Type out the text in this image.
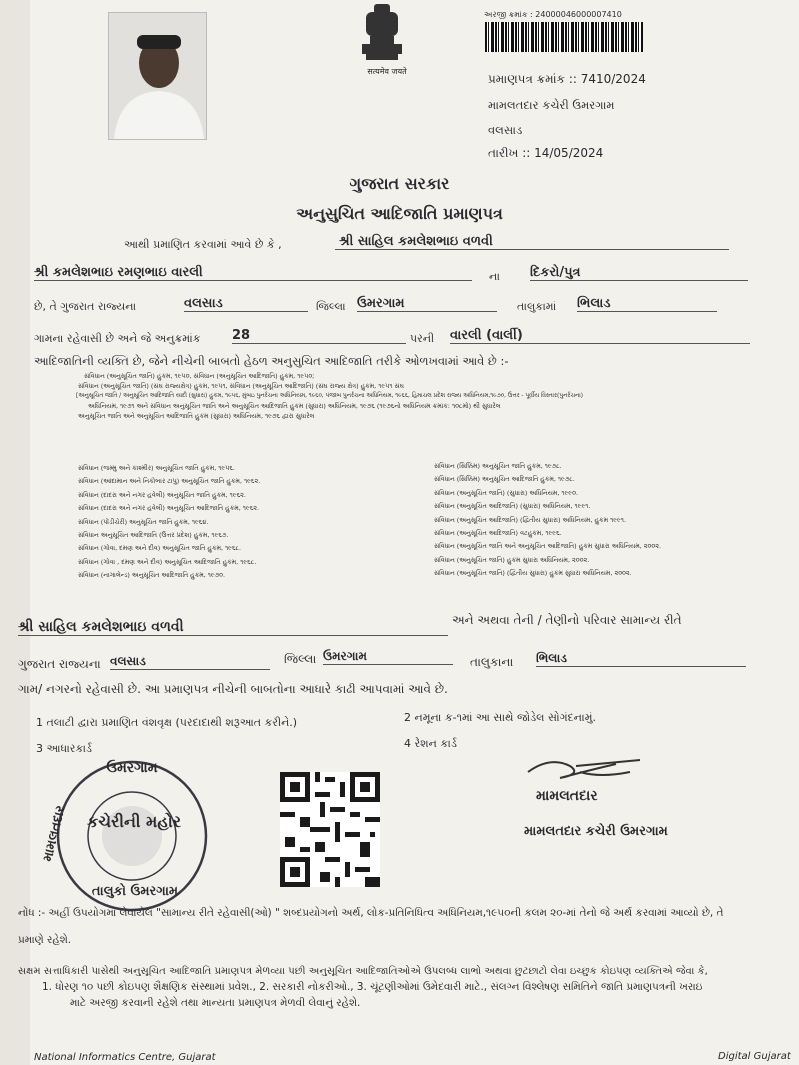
सत्यमेव जयते
અરજી ક્રમાંક : 24000046000007410
પ્રમાણપત્ર ક્રમાંક :: 7410/2024
મામલતદાર કચેરી ઉમરગામ
વલસાડ
તારીખ :: 14/05/2024
ગુજરાત સરકાર
અનુસુચિત આદિજાતિ પ્રમાણપત્ર
આથી પ્રમાણિત કરવામાં આવે છે કે ,	શ્રી સાહિલ કમલેશભાઇ વળવી
શ્રી કમલેશભાઇ રમણભાઇ વારલી	ના દિકરો/પુત્ર
છે, તે ગુજરાત રાજ્યના	વલસાડ	જિલ્લા ઉમરગામ	તાલુકામાં ભિલાડ
ગામના રહેવાસી છે અને જે અનુક્રમાંક 28	પરની વારલી (વાર્લી)
આદિજાતિની વ્યક્તિ છે, જેને નીચેની બાબતો હેઠળ અનુસુચિત આદિજાતિ તરીકે ઓળખવામાં આવે છે :-
સંવિધાન (અનુસૂચિત જાતિ) હુકમ, ૧૯૫૦, સંવિધાન (અનુસૂચિત આદિજાતિ) હુકમ, ૧૯૫૦;
સંવિધાન (અનુસૂચિત જાતિ) (સંઘ રાજ્યક્ષેત્ર) હુકમ, ૧૯૫૧, સંવિધાન (અનુસૂચિત આદિજાતિ) (સંઘ રાજ્ય ક્ષેત્ર) હુકમ, ૧૯૫૧ સંઘ
[અનુસૂચિત જાતિ / અનુસૂચિત આદિજાતિ યાદી (સુધારા) હુકમ, ૧૯૫૬, મુંબઇ પુનર્રચના અધિનિયમ, ૧૯૬૦, પંજાબ પુનર્રચના અધિનિયમ, ૧૯૬૬, હિમાચલ પ્રદેશ રાજ્ય અધિનિયમ,૧૯૭૦, ઉત્તર - પૂર્વીય વિસ્તાર(પુનર્રચના)
અધિનિયમ, ૧૯૭૧ અને સંવિધાન અનુસૂચિત જાતિ અને અનુસૂચિત આદિજાતિ હુકમ (સુધારા) અધિનિયમ, ૧૯૭૬ (૧૯૭૬નો અધિનિયમ ક્રમાંક: ૧૦૮મો) થી સુધારેલ
અનુસૂચિત જાતિ અને અનુસૂચિત આદિજાતિ હુકમ (સુધારા) અધિનિયમ, ૧૯૭૬ દ્વારા સુધારેલ
સંવિધાન (જમ્મુ અને કાશ્મીર) અનુસૂચિત જાતિ હુકમ, ૧૯૫૬.
સંવિધાન (આંદામાન અને નિકોબાર ટાપુ) અનુસૂચિત જાતિ હુકમ, ૧૯૬૨.
સંવિધાન (દાદરા અને નગર હવેલી) અનુસૂચિત જાતિ હુકમ, ૧૯૬૨.
સંવિધાન (દાદરા અને નગર હવેલી) અનુસૂચિત આદિજાતિ હુકમ, ૧૯૬૨.
સંવિધાન (પોંડીચેરી) અનુસૂચિત જાતિ હુકમ, ૧૯૬૪.
સંવિધાન અનુસૂચિત આદિજાતિ (ઉત્તર પ્રદેશ) હુકમ, ૧૯૬૭.
સંવિધાન (ગોવા, દમણ અને દીવ) અનુસૂચિત જાતિ હુકમ, ૧૯૬૮.
સંવિધાન (ગોવા , દમણ અને દીવ) અનુસૂચિત આદિજાતિ હુકમ, ૧૯૬૮.
સંવિધાન (નાગાલેન્ડ) અનુસૂચિત આદિજાતિ હુકમ, ૧૯૭૦.
સંવિધાન (સિક્કિમ) અનુસૂચિત જાતિ હુકમ, ૧૯૭૮.
સંવિધાન (સિક્કિમ) અનુસૂચિત આદિજાતિ હુકમ, ૧૯૭૮.
સંવિધાન (અનુસૂચિત જાતિ) (સુધારા) અધિનિયમ, ૧૯૯૦.
સંવિધાન (અનુસૂચિત આદિજાતિ) (સુધારા) અધિનિયમ, ૧૯૯૧.
સંવિધાન (અનુસૂચિત આદિજાતિ) (દ્વિતીય સુધારા) અધિનિયમ, હુકમ ૧૯૯૧.
સંવિધાન (અનુસૂચિત આદિજાતિ) વટહુકમ, ૧૯૯૬.
સંવિધાન (અનુસૂચિત જાતિ અને અનુસૂચિત આદિજાતિ) હુકમ સુધારા અધિનિયમ, ૨૦૦૨.
સંવિધાન (અનુસૂચિત જાતિ) હુકમ સુધારા અધિનિયમ, ૨૦૦૨.
સંવિધાન (અનુસૂચિત જાતિ) (દ્વિતીય સુધારા) હુકમ સુધારા અધિનિયમ, ૨૦૦૨.
શ્રી સાહિલ કમલેશભાઇ વળવી	અને અથવા તેની / તેણીનો પરિવાર સામાન્ય રીતે
ગુજરાત રાજ્યના વલસાડ	જિલ્લા ઉમરગામ	તાલુકાના ભિલાડ
ગામ/ નગરનો રહેવાસી છે. આ પ્રમાણપત્ર નીચેની બાબતોના આધારે કાઢી આપવામાં આવે છે.
1 તલાટી દ્વારા પ્રમાણિત વંશવૃક્ષ (પરદાદાથી શરૂઆત કરીને.)	2 નમૂના ક-૧માં આ સાથે જોડેલ સોગંદનામું.
3 આધારકાર્ડ	4 રેશન કાર્ડ
ઉમરગામ
મામલતદાર	કચેરીની મહોર
તાલુકો ઉમરગામ
મામલતદાર
મામલતદાર કચેરી ઉમરગામ
નોંધ :- અહીં ઉપયોગમાં લેવાયેલ "સામાન્ય રીતે રહેવાસી(ઓ) " શબ્દપ્રયોગનો અર્થ, લોક-પ્રતિનિધિત્વ અધિનિયમ,૧૯૫૦ની કલમ ૨૦-માં તેનો જે અર્થ કરવામાં આવ્યો છે, તે
પ્રમાણે રહેશે.
સક્ષમ સત્તાધિકારી પાસેથી અનુસૂચિત આદિજાતિ પ્રમાણપત્ર મેળવ્યા પછી અનુસૂચિત આદિજાતિઓએ ઉપલબ્ધ લાભો અથવા છુટછાટો લેવા ઇચ્છુક કોઇપણ વ્યક્તિએ જેવા કે,
1. ધોરણ ૧૦ પછી કોઇપણ શૈક્ષણિક સંસ્થામાં પ્રવેશ., 2. સરકારી નોકરીઓ., 3. ચૂંટણીઓમાં ઉમેદવારી માટે., સંલગ્ન વિશ્લેષણ સમિતિને જાતિ પ્રમાણપત્રની ખરાઇ
માટે અરજી કરવાની રહેશે તથા માન્યતા પ્રમાણપત્ર મેળવી લેવાનું રહેશે.
National Informatics Centre, Gujarat	Digital Gujarat
